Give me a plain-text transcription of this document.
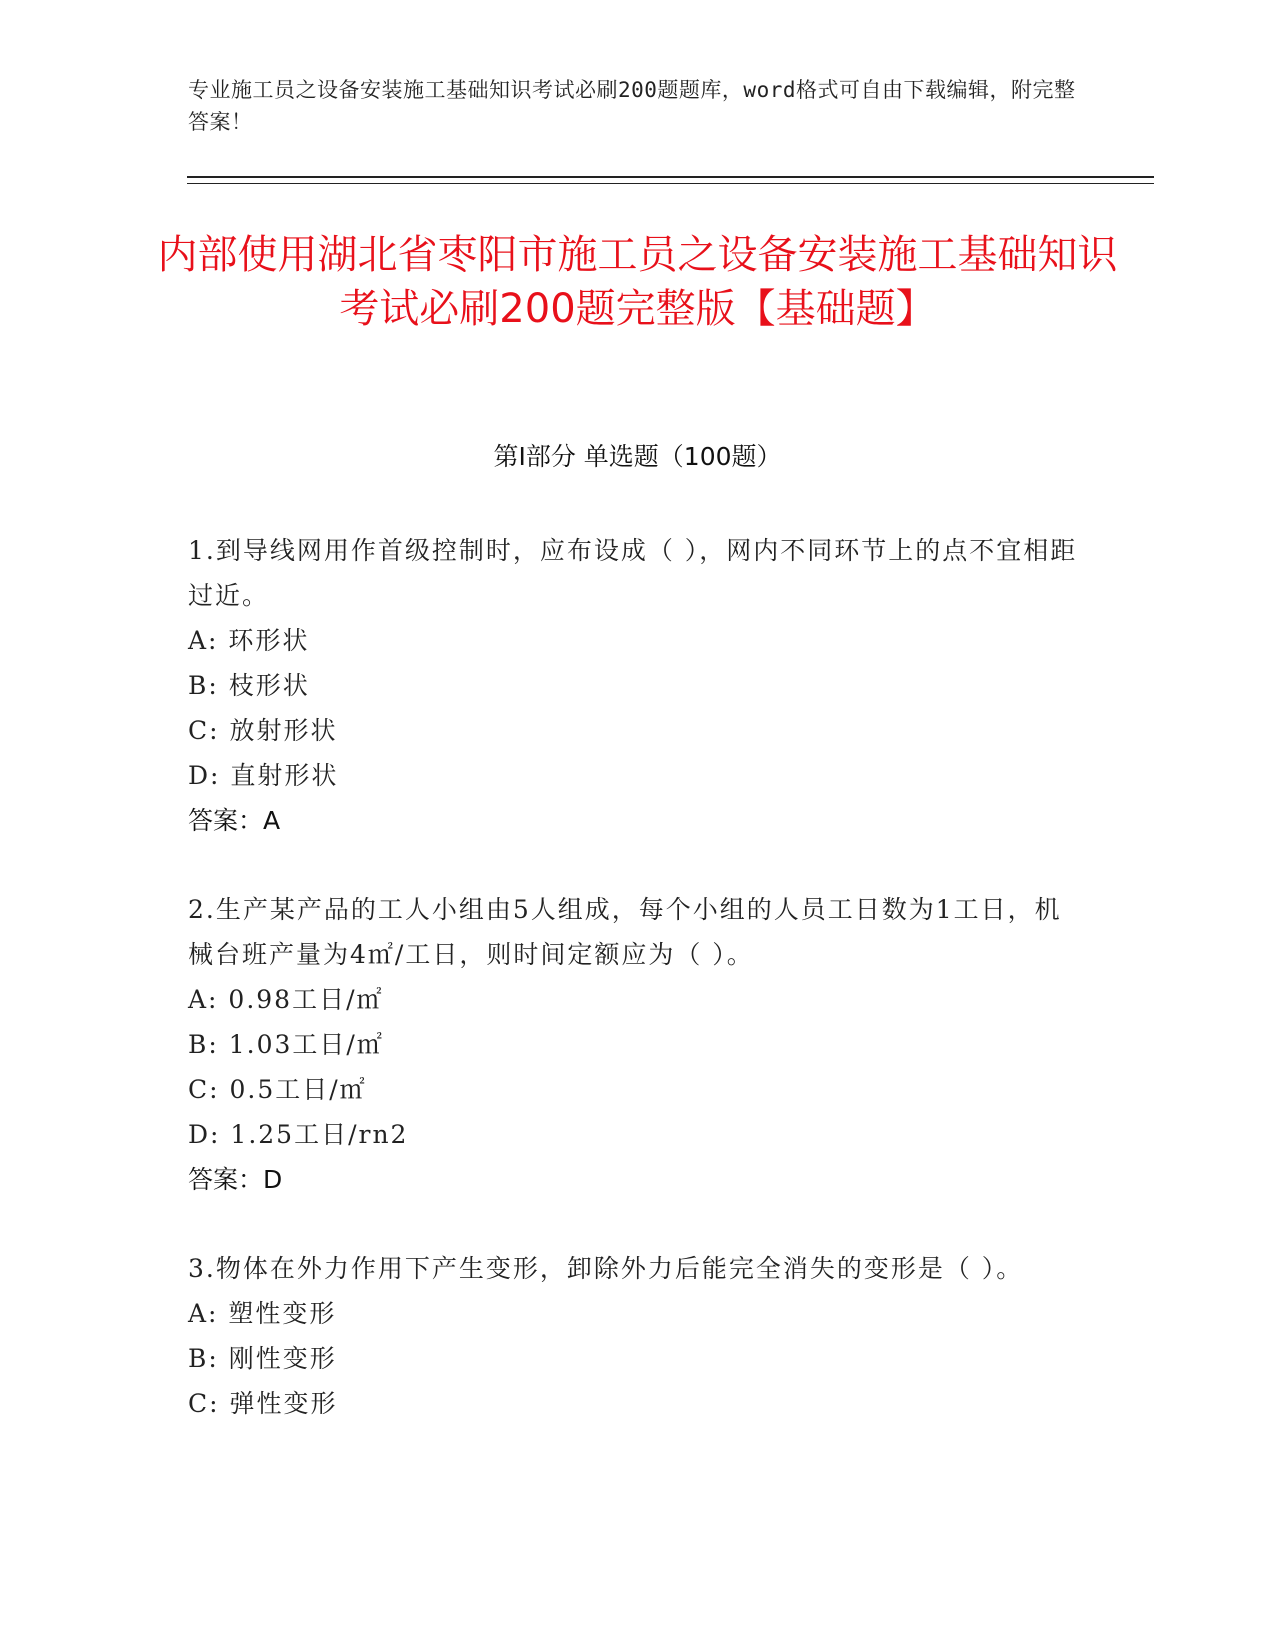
专业施工员之设备安装施工基础知识考试必刷200题题库，word格式可自由下载编辑，附完整答案！
内部使用湖北省枣阳市施工员之设备安装施工基础知识考试必刷200题完整版【基础题】
第Ⅰ部分 单选题（100题）
1.到导线网用作首级控制时，应布设成（ ），网内不同环节上的点不宜相距过近。
A: 环形状
B: 枝形状
C: 放射形状
D: 直射形状
答案：A
2.生产某产品的工人小组由5人组成，每个小组的人员工日数为1工日，机械台班产量为4㎡/工日，则时间定额应为（ ）。
A: 0.98工日/㎡
B: 1.03工日/㎡
C: 0.5工日/㎡
D: 1.25工日/rn2
答案：D
3.物体在外力作用下产生变形，卸除外力后能完全消失的变形是（ ）。
A: 塑性变形
B: 刚性变形
C: 弹性变形
